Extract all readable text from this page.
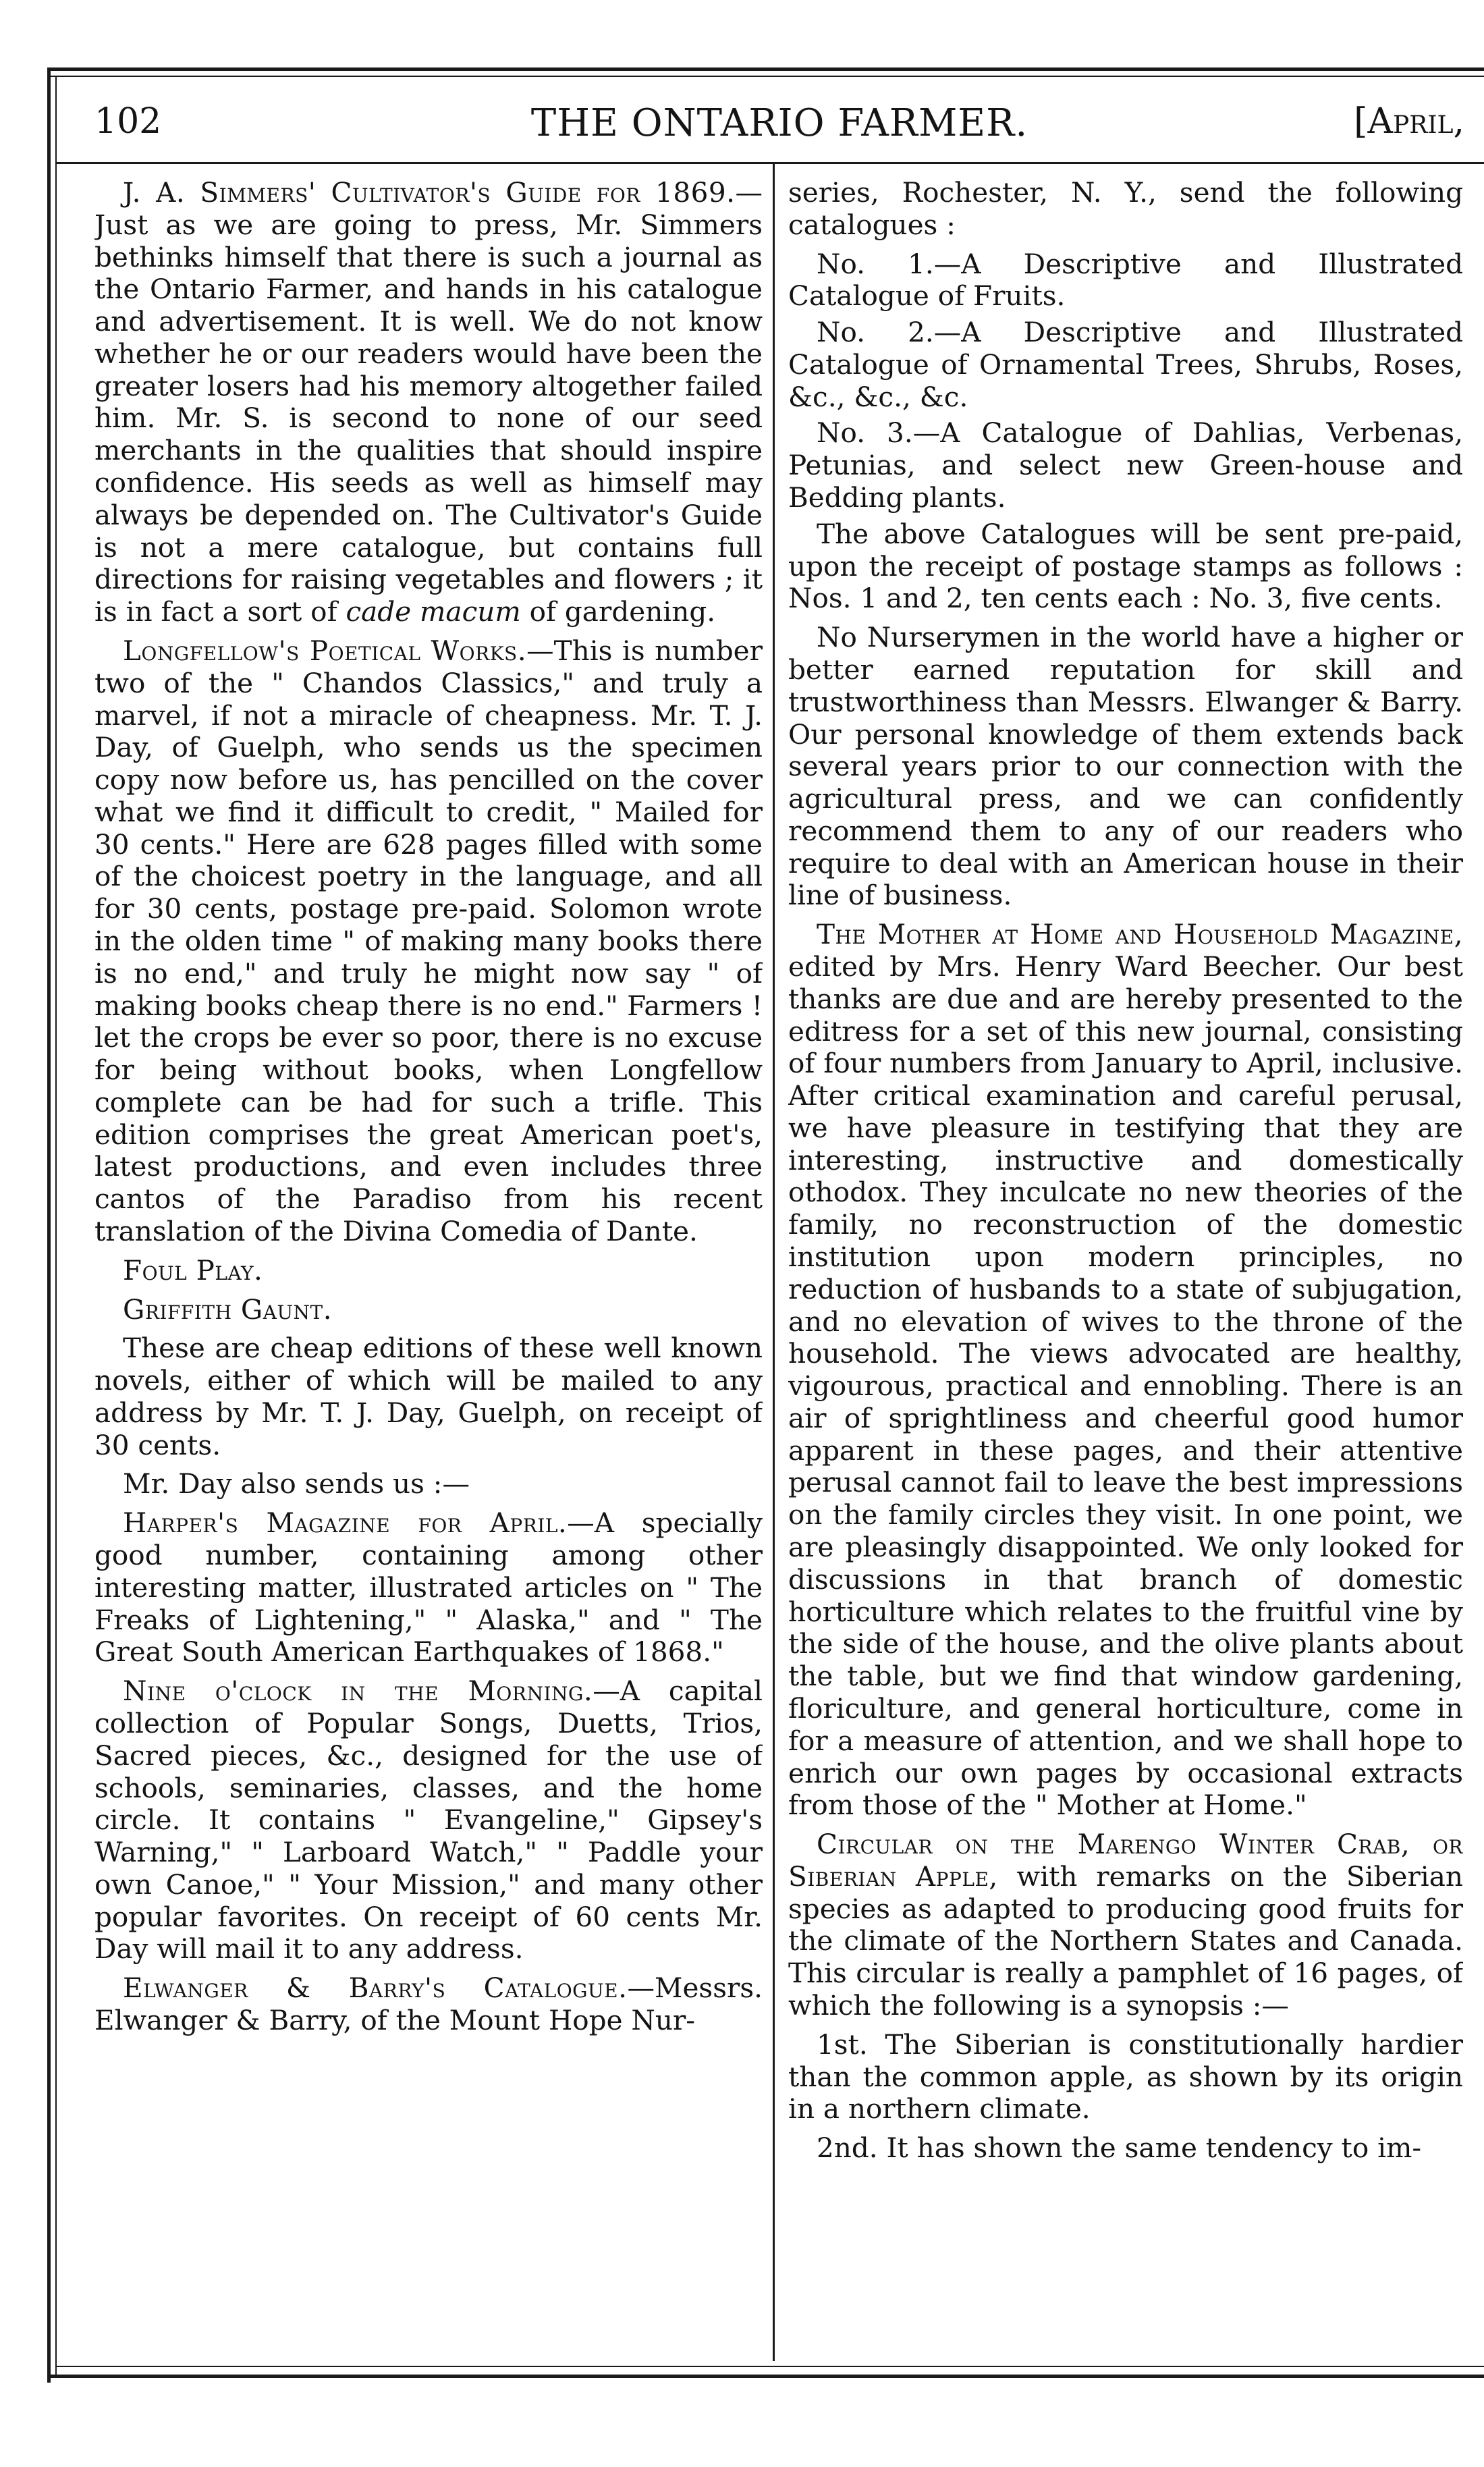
102	THE ONTARIO FARMER.	[April,

J. A. Simmers' Cultivator's Guide for 1869.—Just as we are going to press, Mr. Simmers bethinks himself that there is such a journal as the Ontario Farmer, and hands in his catalogue and advertisement. It is well. We do not know whether he or our readers would have been the greater losers had his memory altogether failed him. Mr. S. is second to none of our seed merchants in the qualities that should inspire confidence. His seeds as well as himself may always be depended on. The Cultivator's Guide is not a mere catalogue, but contains full directions for raising vegetables and flowers ; it is in fact a sort of cade macum of gardening.

Longfellow's Poetical Works.—This is number two of the " Chandos Classics," and truly a marvel, if not a miracle of cheapness. Mr. T. J. Day, of Guelph, who sends us the specimen copy now before us, has pencilled on the cover what we find it difficult to credit, " Mailed for 30 cents." Here are 628 pages filled with some of the choicest poetry in the language, and all for 30 cents, postage pre-paid. Solomon wrote in the olden time " of making many books there is no end," and truly he might now say " of making books cheap there is no end." Farmers ! let the crops be ever so poor, there is no excuse for being without books, when Longfellow complete can be had for such a trifle. This edition comprises the great American poet's, latest productions, and even includes three cantos of the Paradiso from his recent translation of the Divina Comedia of Dante.

Foul Play.

Griffith Gaunt.

These are cheap editions of these well known novels, either of which will be mailed to any address by Mr. T. J. Day, Guelph, on receipt of 30 cents.

Mr. Day also sends us :—

Harper's Magazine for April.—A specially good number, containing among other interesting matter, illustrated articles on " The Freaks of Lightening," " Alaska," and " The Great South American Earthquakes of 1868."

Nine o'clock in the Morning.—A capital collection of Popular Songs, Duetts, Trios, Sacred pieces, &c., designed for the use of schools, seminaries, classes, and the home circle. It contains " Evangeline," Gipsey's Warning," " Larboard Watch," " Paddle your own Canoe," " Your Mission," and many other popular favorites. On receipt of 60 cents Mr. Day will mail it to any address.

Elwanger & Barry's Catalogue.—Messrs. Elwanger & Barry, of the Mount Hope Nur-

series, Rochester, N. Y., send the following catalogues :

No. 1.—A Descriptive and Illustrated Catalogue of Fruits.

No. 2.—A Descriptive and Illustrated Catalogue of Ornamental Trees, Shrubs, Roses, &c., &c., &c.

No. 3.—A Catalogue of Dahlias, Verbenas, Petunias, and select new Green-house and Bedding plants.

The above Catalogues will be sent pre-paid, upon the receipt of postage stamps as follows : Nos. 1 and 2, ten cents each : No. 3, five cents.

No Nurserymen in the world have a higher or better earned reputation for skill and trustworthiness than Messrs. Elwanger & Barry. Our personal knowledge of them extends back several years prior to our connection with the agricultural press, and we can confidently recommend them to any of our readers who require to deal with an American house in their line of business.

The Mother at Home and Household Magazine, edited by Mrs. Henry Ward Beecher. Our best thanks are due and are hereby presented to the editress for a set of this new journal, consisting of four numbers from January to April, inclusive. After critical examination and careful perusal, we have pleasure in testifying that they are interesting, instructive and domestically othodox. They inculcate no new theories of the family, no reconstruction of the domestic institution upon modern principles, no reduction of husbands to a state of subjugation, and no elevation of wives to the throne of the household. The views advocated are healthy, vigourous, practical and ennobling. There is an air of sprightliness and cheerful good humor apparent in these pages, and their attentive perusal cannot fail to leave the best impressions on the family circles they visit. In one point, we are pleasingly disappointed. We only looked for discussions in that branch of domestic horticulture which relates to the fruitful vine by the side of the house, and the olive plants about the table, but we find that window gardening, floriculture, and general horticulture, come in for a measure of attention, and we shall hope to enrich our own pages by occasional extracts from those of the " Mother at Home."

Circular on the Marengo Winter Crab, or Siberian Apple, with remarks on the Siberian species as adapted to producing good fruits for the climate of the Northern States and Canada. This circular is really a pamphlet of 16 pages, of which the following is a synopsis :—

1st. The Siberian is constitutionally hardier than the common apple, as shown by its origin in a northern climate.

2nd. It has shown the same tendency to im-
